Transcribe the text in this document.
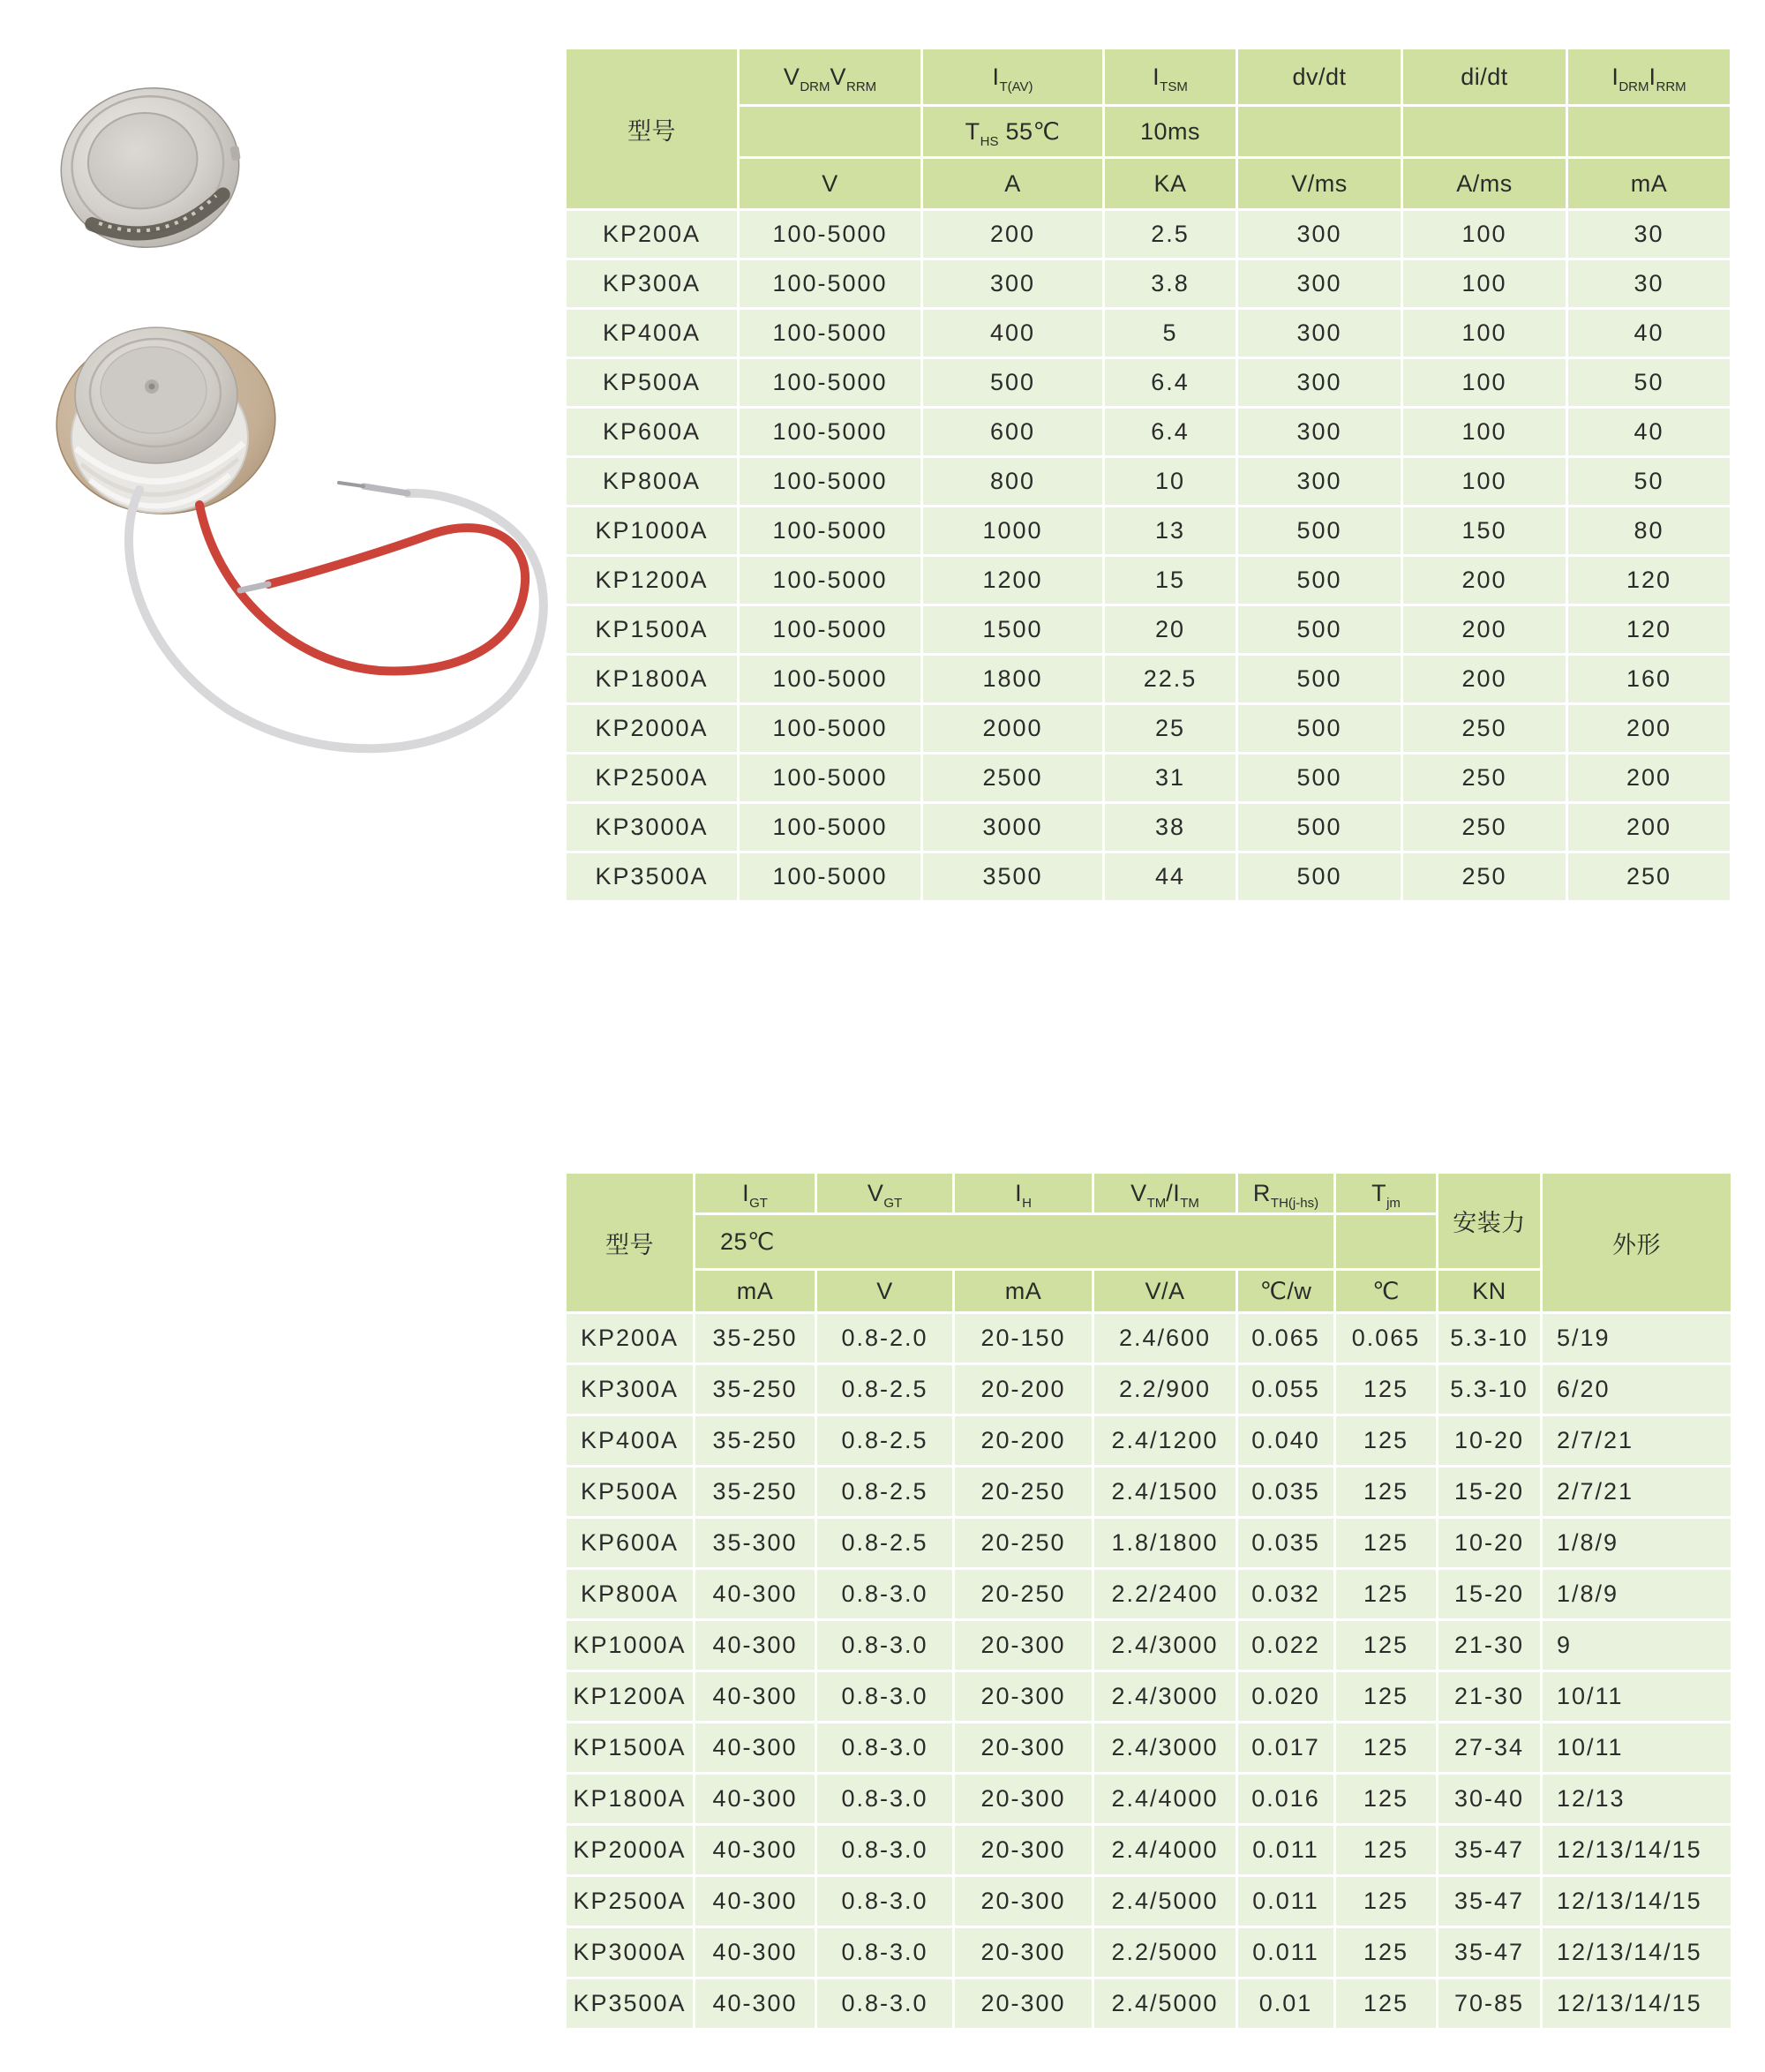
型号	$V_{DRM}V_{RRM}$	$I_{T(AV)}$	$I_{TSM}$	dv/dt	di/dt	$I_{DRM}I_{RRM}$
		$T_{HS}$ 55℃	10ms			
	V	A	KA	V/ms	A/ms	mA
KP200A	100-5000	200	2.5	300	100	30
KP300A	100-5000	300	3.8	300	100	30
KP400A	100-5000	400	5	300	100	40
KP500A	100-5000	500	6.4	300	100	50
KP600A	100-5000	600	6.4	300	100	40
KP800A	100-5000	800	10	300	100	50
KP1000A	100-5000	1000	13	500	150	80
KP1200A	100-5000	1200	15	500	200	120
KP1500A	100-5000	1500	20	500	200	120
KP1800A	100-5000	1800	22.5	500	200	160
KP2000A	100-5000	2000	25	500	250	200
KP2500A	100-5000	2500	31	500	250	200
KP3000A	100-5000	3000	38	500	250	200
KP3500A	100-5000	3500	44	500	250	250
型号	$I_{GT}$	$V_{GT}$	$I_H$	$V_{TM}/I_{TM}$	$R_{TH(j-hs)}$	$T_{jm}$	安装力	外形
	25℃							
	mA	V	mA	V/A	℃/w	℃	KN	
KP200A	35-250	0.8-2.0	20-150	2.4/600	0.065	0.065	5.3-10	5/19
KP300A	35-250	0.8-2.5	20-200	2.2/900	0.055	125	5.3-10	6/20
KP400A	35-250	0.8-2.5	20-200	2.4/1200	0.040	125	10-20	2/7/21
KP500A	35-250	0.8-2.5	20-250	2.4/1500	0.035	125	15-20	2/7/21
KP600A	35-300	0.8-2.5	20-250	1.8/1800	0.035	125	10-20	1/8/9
KP800A	40-300	0.8-3.0	20-250	2.2/2400	0.032	125	15-20	1/8/9
KP1000A	40-300	0.8-3.0	20-300	2.4/3000	0.022	125	21-30	9
KP1200A	40-300	0.8-3.0	20-300	2.4/3000	0.020	125	21-30	10/11
KP1500A	40-300	0.8-3.0	20-300	2.4/3000	0.017	125	27-34	10/11
KP1800A	40-300	0.8-3.0	20-300	2.4/4000	0.016	125	30-40	12/13
KP2000A	40-300	0.8-3.0	20-300	2.4/4000	0.011	125	35-47	12/13/14/15
KP2500A	40-300	0.8-3.0	20-300	2.4/5000	0.011	125	35-47	12/13/14/15
KP3000A	40-300	0.8-3.0	20-300	2.2/5000	0.011	125	35-47	12/13/14/15
KP3500A	40-300	0.8-3.0	20-300	2.4/5000	0.01	125	70-85	12/13/14/15
